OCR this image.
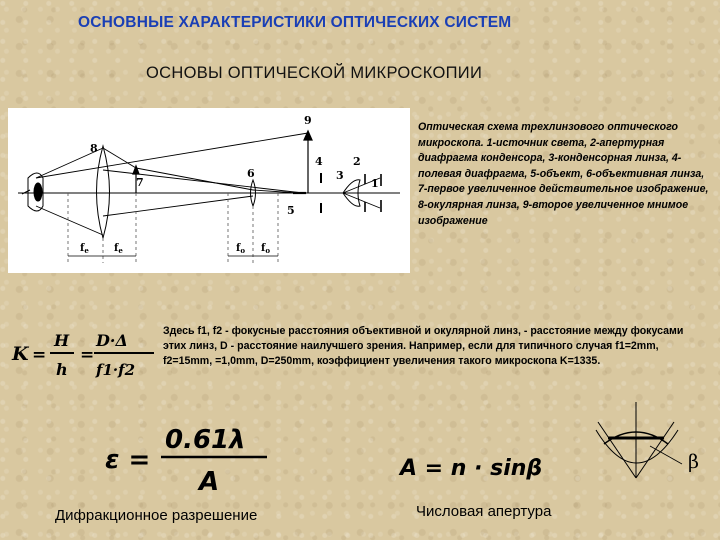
ОСНОВНЫЕ ХАРАКТЕРИСТИКИ ОПТИЧЕСКИХ СИСТЕМ
ОСНОВЫ ОПТИЧЕСКОЙ МИКРОСКОПИИ
9
8
7
6
5
4
3
2
1
$f_e$	$f_e$	$f_o$ $f_o$
Оптическая схема трехлинзового оптического микроскопа. 1-источник света, 2-апертурная диафрагма конденсора, 3-конденсорная линза, 4-полевая диафрагма, 5-объект, 6-объективная линза, 7-первое увеличенное действительное изображение, 8-окулярная линза, 9-второе увеличенное мнимое изображение
K =
H
h
=
D·Δ
f1·f2
Здесь f1, f2 - фокусные расстояния объективной и окулярной линз, - расстояние между фокусами этих линз, D - расстояние наилучшего зрения. Например, если для типичного случая f1=2mm, f2=15mm, =1,0mm, D=250mm, коэффициент увеличения такого микроскопа K=1335.
ε =
0.61λ
A	A = n · sinβ	β
Дифракционное разрешение	Числовая апертура
